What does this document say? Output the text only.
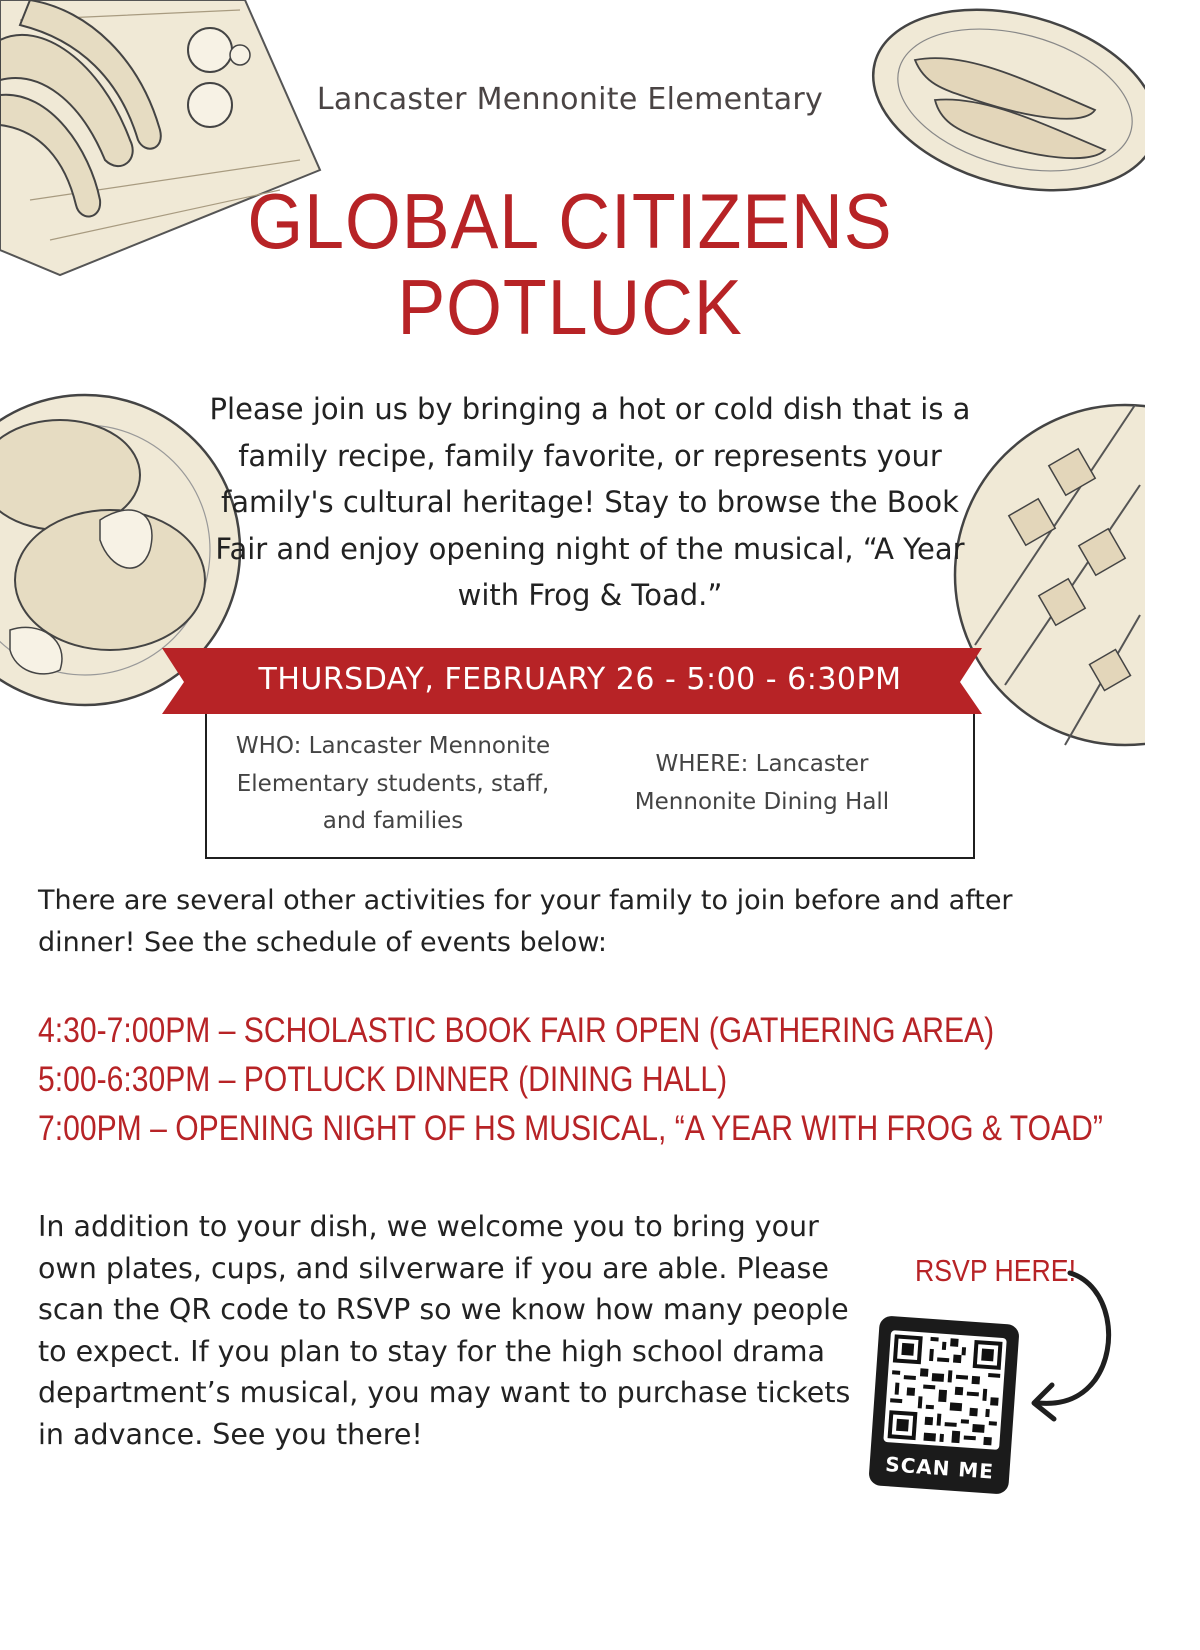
Lancaster Mennonite Elementary
GLOBAL CITIZENS
POTLUCK
Please join us by bringing a hot or cold dish that is a family recipe, family favorite, or represents your family's cultural heritage! Stay to browse the Book Fair and enjoy opening night of the musical, “A Year with Frog & Toad.”
THURSDAY, FEBRUARY 26 - 5:00 - 6:30PM
WHO: Lancaster Mennonite Elementary students, staff, and families
WHERE: Lancaster Mennonite Dining Hall
There are several other activities for your family to join before and after dinner! See the schedule of events below:
4:30-7:00PM – SCHOLASTIC BOOK FAIR OPEN (GATHERING AREA)
5:00-6:30PM – POTLUCK DINNER (DINING HALL)
7:00PM – OPENING NIGHT OF HS MUSICAL, “A YEAR WITH FROG & TOAD”
In addition to your dish, we welcome you to bring your own plates, cups, and silverware if you are able. Please scan the QR code to RSVP so we know how many people to expect. If you plan to stay for the high school drama department’s musical, you may want to purchase tickets in advance. See you there!
RSVP HERE!
SCAN ME
